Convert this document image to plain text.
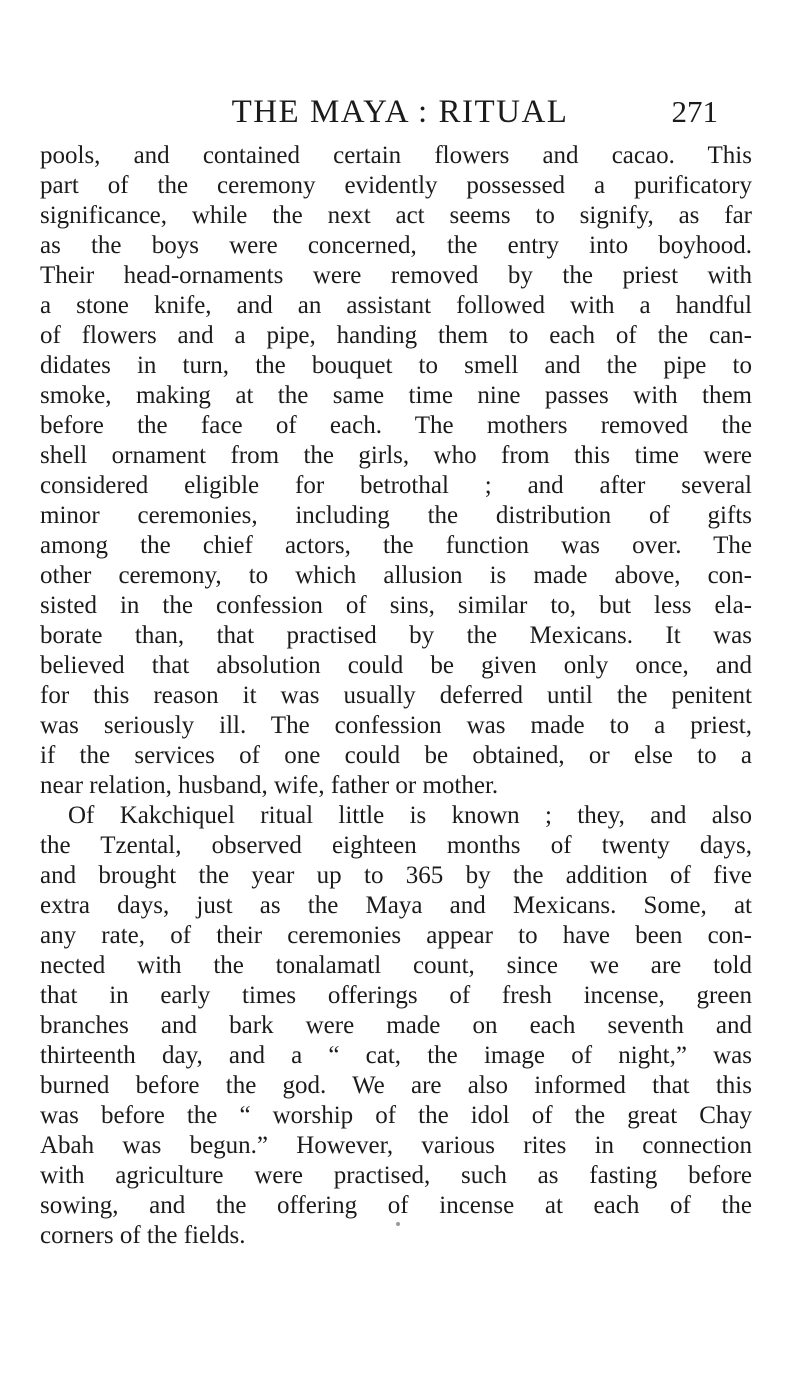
THE MAYA : RITUAL	271
pools, and contained certain flowers and cacao. This
part of the ceremony evidently possessed a purificatory
significance, while the next act seems to signify, as far
as the boys were concerned, the entry into boyhood.
Their head-ornaments were removed by the priest with
a stone knife, and an assistant followed with a handful
of flowers and a pipe, handing them to each of the can-
didates in turn, the bouquet to smell and the pipe to
smoke, making at the same time nine passes with them
before the face of each. The mothers removed the
shell ornament from the girls, who from this time were
considered eligible for betrothal ; and after several
minor ceremonies, including the distribution of gifts
among the chief actors, the function was over. The
other ceremony, to which allusion is made above, con-
sisted in the confession of sins, similar to, but less ela-
borate than, that practised by the Mexicans. It was
believed that absolution could be given only once, and
for this reason it was usually deferred until the penitent
was seriously ill. The confession was made to a priest,
if the services of one could be obtained, or else to a
near relation, husband, wife, father or mother.
Of Kakchiquel ritual little is known ; they, and also
the Tzental, observed eighteen months of twenty days,
and brought the year up to 365 by the addition of five
extra days, just as the Maya and Mexicans. Some, at
any rate, of their ceremonies appear to have been con-
nected with the tonalamatl count, since we are told
that in early times offerings of fresh incense, green
branches and bark were made on each seventh and
thirteenth day, and a “ cat, the image of night,” was
burned before the god. We are also informed that this
was before the “ worship of the idol of the great Chay
Abah was begun.” However, various rites in connection
with agriculture were practised, such as fasting before
sowing, and the offering of incense at each of the
corners of the fields.
